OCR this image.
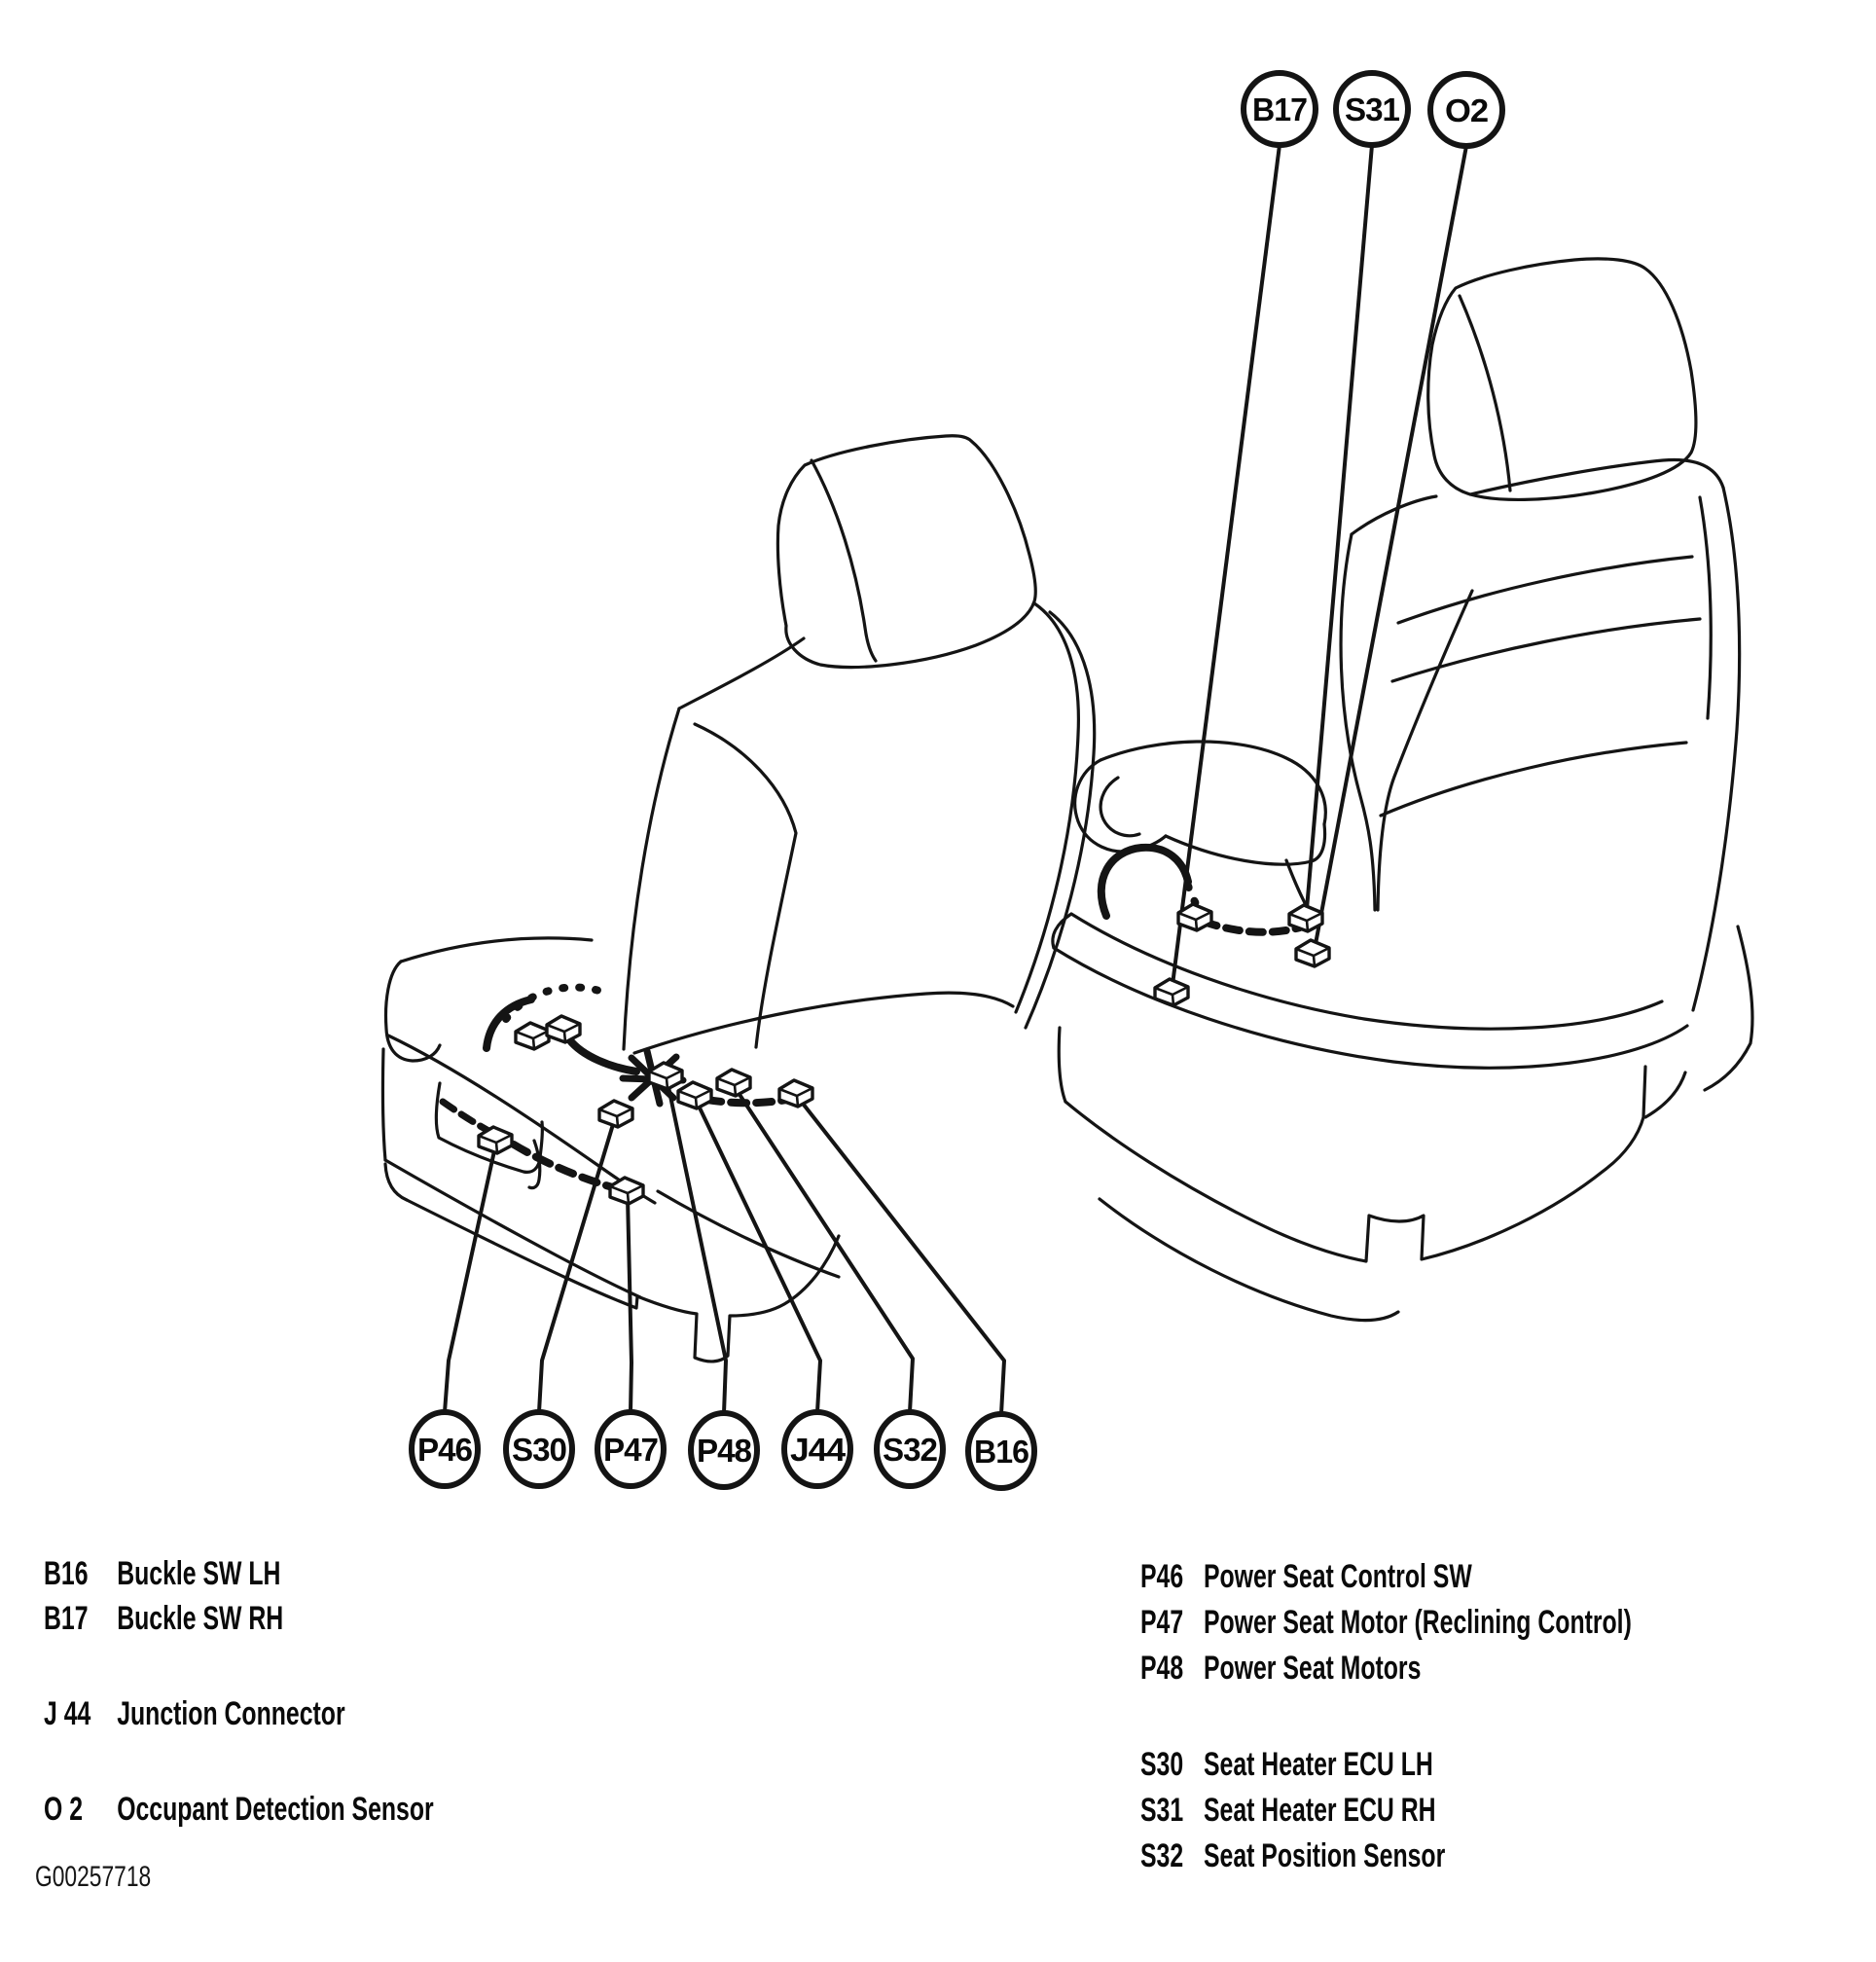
B17 S31 O2
P46 S30 P47 P48 J44 S32 B16
B16 Buckle SW LH
B17 Buckle SW RH
J 44 Junction Connector
O 2	Occupant Detection Sensor
P46 Power Seat Control SW
P47 Power Seat Motor (Reclining Control)
P48 Power Seat Motors
S30 Seat Heater ECU LH
S31 Seat Heater ECU RH
S32 Seat Position Sensor
G00257718
